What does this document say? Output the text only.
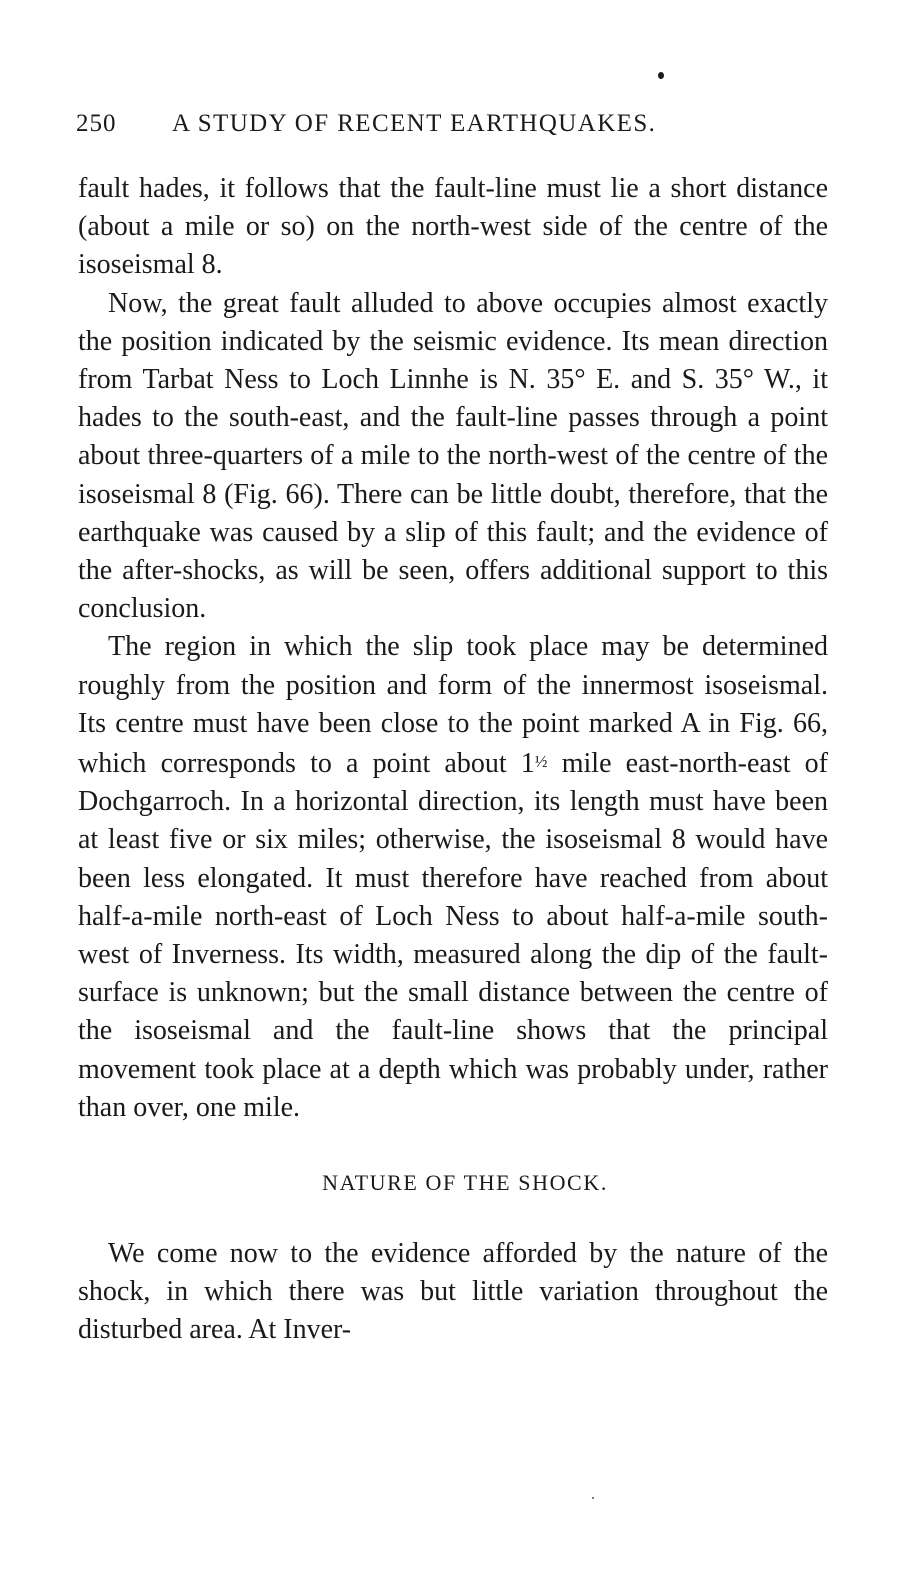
250 A STUDY OF RECENT EARTHQUAKES.

fault hades, it follows that the fault-line must lie a short distance (about a mile or so) on the north-west side of the centre of the isoseismal 8.

Now, the great fault alluded to above occupies almost exactly the position indicated by the seismic evidence. Its mean direction from Tarbat Ness to Loch Linnhe is N. 35° E. and S. 35° W., it hades to the south-east, and the fault-line passes through a point about three-quarters of a mile to the north-west of the centre of the isoseismal 8 (Fig. 66). There can be little doubt, therefore, that the earthquake was caused by a slip of this fault; and the evidence of the after-shocks, as will be seen, offers additional support to this conclusion.

The region in which the slip took place may be determined roughly from the position and form of the innermost isoseismal. Its centre must have been close to the point marked A in Fig. 66, which corresponds to a point about 1½ mile east-north-east of Dochgarroch. In a horizontal direction, its length must have been at least five or six miles; otherwise, the isoseismal 8 would have been less elongated. It must therefore have reached from about half-a-mile north-east of Loch Ness to about half-a-mile south-west of Inverness. Its width, measured along the dip of the fault-surface is unknown; but the small distance between the centre of the isoseismal and the fault-line shows that the principal movement took place at a depth which was probably under, rather than over, one mile.

NATURE OF THE SHOCK.

We come now to the evidence afforded by the nature of the shock, in which there was but little variation throughout the disturbed area. At Inver-
